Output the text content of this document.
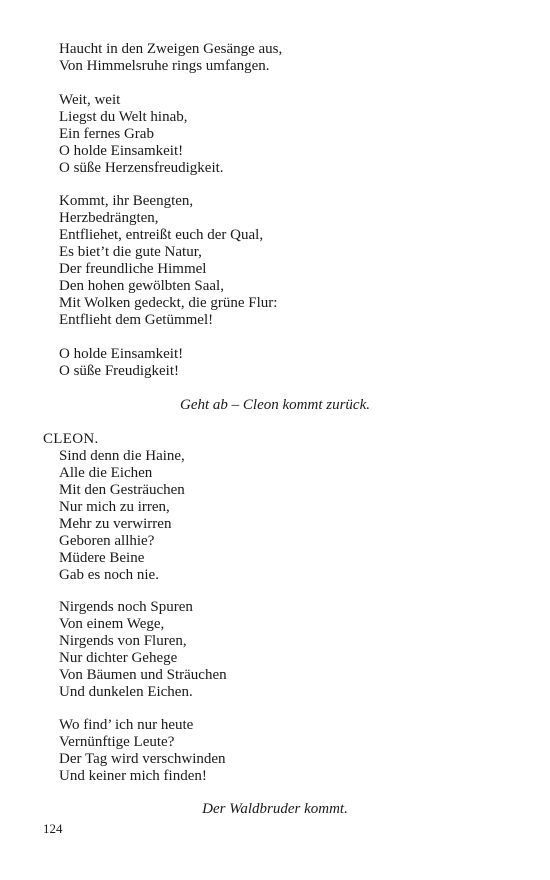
Haucht in den Zweigen Gesänge aus,
Von Himmelsruhe rings umfangen.
Weit, weit
Liegst du Welt hinab,
Ein fernes Grab
O holde Einsamkeit!
O süße Herzensfreudigkeit.
Kommt, ihr Beengten,
Herzbedrängten,
Entfliehet, entreißt euch der Qual,
Es biet’t die gute Natur,
Der freundliche Himmel
Den hohen gewölbten Saal,
Mit Wolken gedeckt, die grüne Flur:
Entflieht dem Getümmel!
O holde Einsamkeit!
O süße Freudigkeit!
Geht ab – Cleon kommt zurück.
CLEON.
Sind denn die Haine,
Alle die Eichen
Mit den Gesträuchen
Nur mich zu irren,
Mehr zu verwirren
Geboren allhie?
Müdere Beine
Gab es noch nie.
Nirgends noch Spuren
Von einem Wege,
Nirgends von Fluren,
Nur dichter Gehege
Von Bäumen und Sträuchen
Und dunkelen Eichen.
Wo find’ ich nur heute
Vernünftige Leute?
Der Tag wird verschwinden
Und keiner mich finden!
Der Waldbruder kommt.
124
